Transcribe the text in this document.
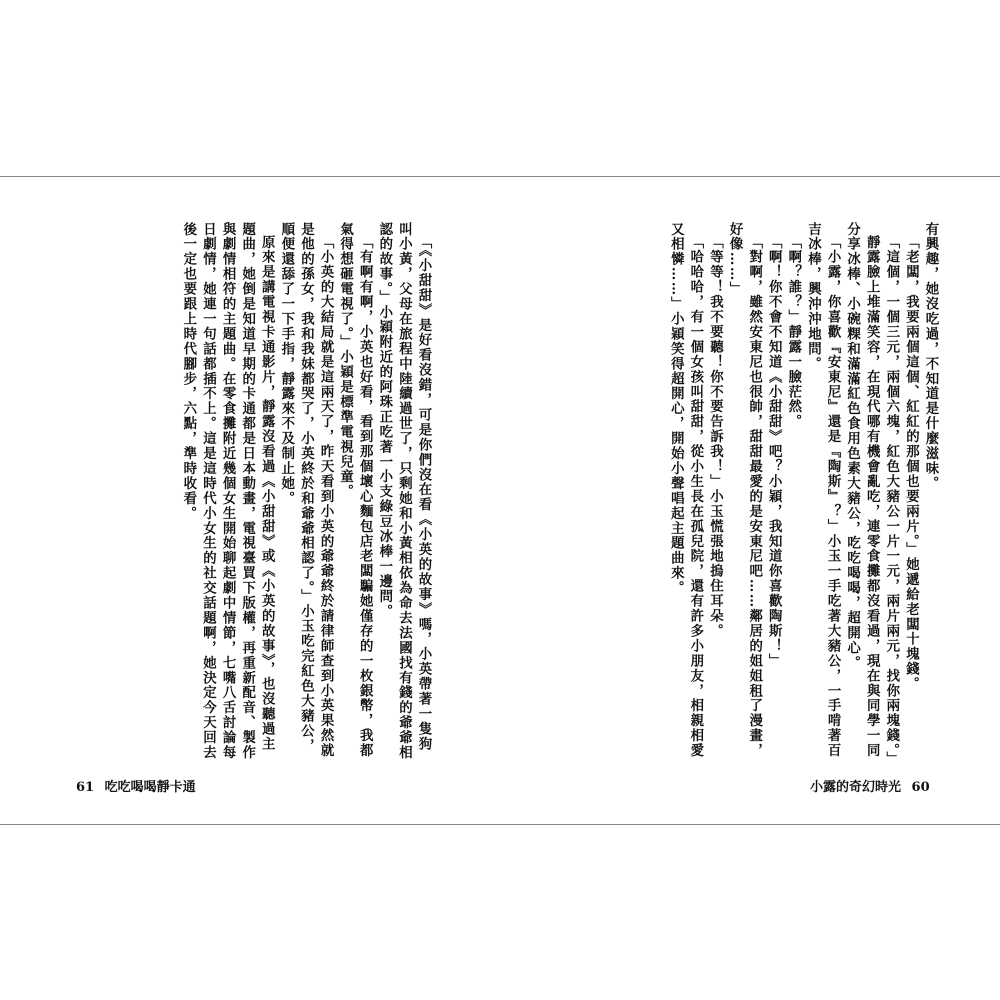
有興趣，她沒吃過，不知道是什麼滋味。

「老闆，我要兩個這個、紅紅的那個也要兩片。」她遞給老闆十塊錢。

「這個，一個三元，兩個六塊，紅色大豬公一片一元，兩片兩元，找你兩塊錢。」

靜露臉上堆滿笑容，在現代哪有機會亂吃，連零食攤都沒看過，現在與同學一同分享冰棒、小碗粿和滿滿紅色食用色素大豬公，吃吃喝喝，超開心。

「小露，你喜歡『安東尼』還是『陶斯』？」小玉一手吃著大豬公，一手啃著百吉冰棒，興沖沖地問。

「啊？誰？」靜露一臉茫然。

「啊！你不會不知道《小甜甜》吧？小穎，我知道你喜歡陶斯！」

「對啊，雖然安東尼也很帥，甜甜最愛的是安東尼吧……鄰居的姐姐租了漫畫，好像……」

「等等！我不要聽！你不要告訴我！」小玉慌張地摀住耳朵。

「哈哈哈，有一個女孩叫甜甜，從小生長在孤兒院，還有許多小朋友，相親相愛又相憐……」小穎笑得超開心，開始小聲唱起主題曲來。

「《小甜甜》是好看沒錯，可是你們沒在看《小英的故事》嗎，小英帶著一隻狗叫小黃，父母在旅程中陸續過世了，只剩她和小黃相依為命去法國找有錢的爺爺相認的故事。」小穎附近的阿珠正吃著一小支綠豆冰棒一邊問。

「有啊有啊，小英也好看，看到那個壞心麵包店老闆騙她僅存的一枚銀幣，我都氣得想砸電視了。」小穎是標準電視兒童。

「小英的大結局就是這兩天了，昨天看到小英的爺爺終於請律師查到小英果然就是他的孫女，我和我妹都哭了，小英終於和爺爺相認了。」小玉吃完紅色大豬公，順便還舔了一下手指，靜露來不及制止她。

原來是講電視卡通影片，靜露沒看過《小甜甜》或《小英的故事》，也沒聽過主題曲，她倒是知道早期的卡通都是日本動畫，電視臺買下版權，再重新配音、製作與劇情相符的主題曲。在零食攤附近幾個女生開始聊起劇中情節，七嘴八舌討論每日劇情，她連一句話都插不上。這是這時代小女生的社交話題啊，她決定今天回去後一定也要跟上時代腳步，六點，準時收看。

61 吃吃喝喝靜卡通	小露的奇幻時光 60
